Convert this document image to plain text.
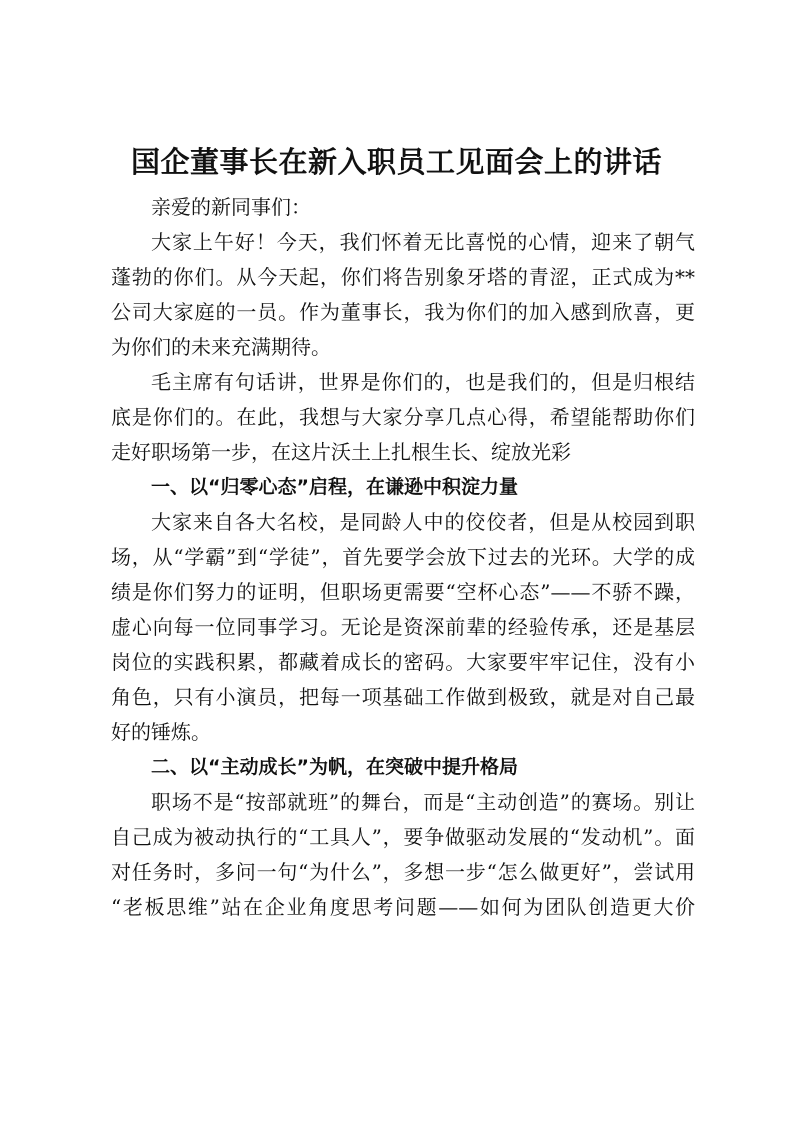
国企董事长在新入职员工见面会上的讲话
亲爱的新同事们：
大家上午好！今天，我们怀着无比喜悦的心情，迎来了朝气
蓬勃的你们。从今天起，你们将告别象牙塔的青涩，正式成为**
公司大家庭的一员。作为董事长，我为你们的加入感到欣喜，更
为你们的未来充满期待。
毛主席有句话讲，世界是你们的，也是我们的，但是归根结
底是你们的。在此，我想与大家分享几点心得，希望能帮助你们
走好职场第一步，在这片沃土上扎根生长、绽放光彩
一、以“归零心态”启程，在谦逊中积淀力量
大家来自各大名校，是同龄人中的佼佼者，但是从校园到职
场，从“学霸”到“学徒”，首先要学会放下过去的光环。大学的成
绩是你们努力的证明，但职场更需要“空杯心态”——不骄不躁，
虚心向每一位同事学习。无论是资深前辈的经验传承，还是基层
岗位的实践积累，都藏着成长的密码。大家要牢牢记住，没有小
角色，只有小演员，把每一项基础工作做到极致，就是对自己最
好的锤炼。
二、以“主动成长”为帆，在突破中提升格局
职场不是“按部就班”的舞台，而是“主动创造”的赛场。别让
自己成为被动执行的“工具人”，要争做驱动发展的“发动机”。面
对任务时，多问一句“为什么”，多想一步“怎么做更好”，尝试用
“老板思维”站在企业角度思考问题——如何为团队创造更大价
